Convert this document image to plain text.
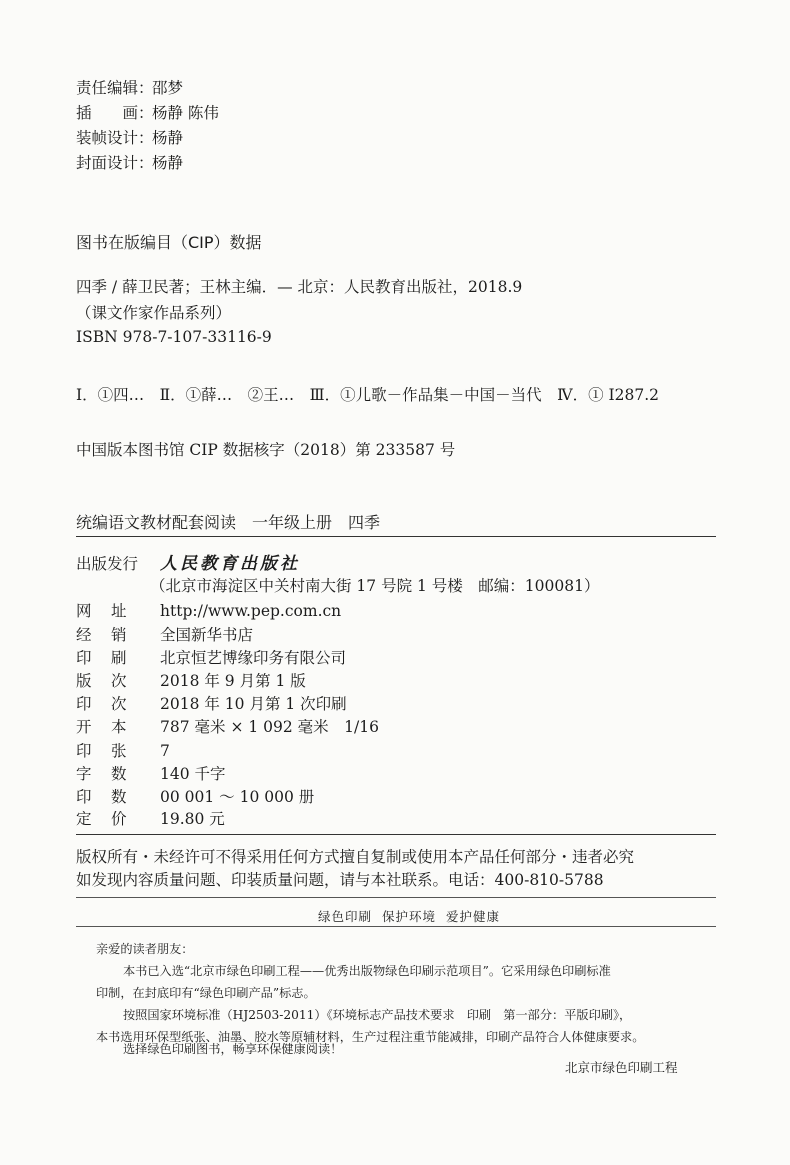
责任编辑：邵梦
插　　画：杨静 陈伟
装帧设计：杨静
封面设计：杨静
图书在版编目（CIP）数据
四季 / 薛卫民著；王林主编．— 北京：人民教育出版社，2018.9
（课文作家作品系列）
ISBN 978-7-107-33116-9
Ⅰ．①四…　Ⅱ．①薛…　②王…　Ⅲ．①儿歌－作品集－中国－当代　Ⅳ．① I287.2
中国版本图书馆 CIP 数据核字（2018）第 233587 号
统编语文教材配套阅读　一年级上册　四季
出版发行 人民教育出版社
（北京市海淀区中关村南大街 17 号院 1 号楼　邮编：100081）
网　址 http://www.pep.com.cn
经　销 全国新华书店
印　刷 北京恒艺博缘印务有限公司
版　次 2018 年 9 月第 1 版
印　次 2018 年 10 月第 1 次印刷
开　本 787 毫米 × 1 092 毫米　1/16
印　张 7
字　数 140 千字
印　数 00 001 ～ 10 000 册
定　价 19.80 元
版权所有・未经许可不得采用任何方式擅自复制或使用本产品任何部分・违者必究
如发现内容质量问题、印装质量问题，请与本社联系。电话：400-810-5788
绿色印刷 保护环境 爱护健康
亲爱的读者朋友：
本书已入选“北京市绿色印刷工程——优秀出版物绿色印刷示范项目”。它采用绿色印刷标准
印制，在封底印有“绿色印刷产品”标志。
按照国家环境标准（HJ2503-2011）《环境标志产品技术要求　印刷　第一部分：平版印刷》，
本书选用环保型纸张、油墨、胶水等原辅材料，生产过程注重节能减排，印刷产品符合人体健康要求。
选择绿色印刷图书，畅享环保健康阅读！
北京市绿色印刷工程
